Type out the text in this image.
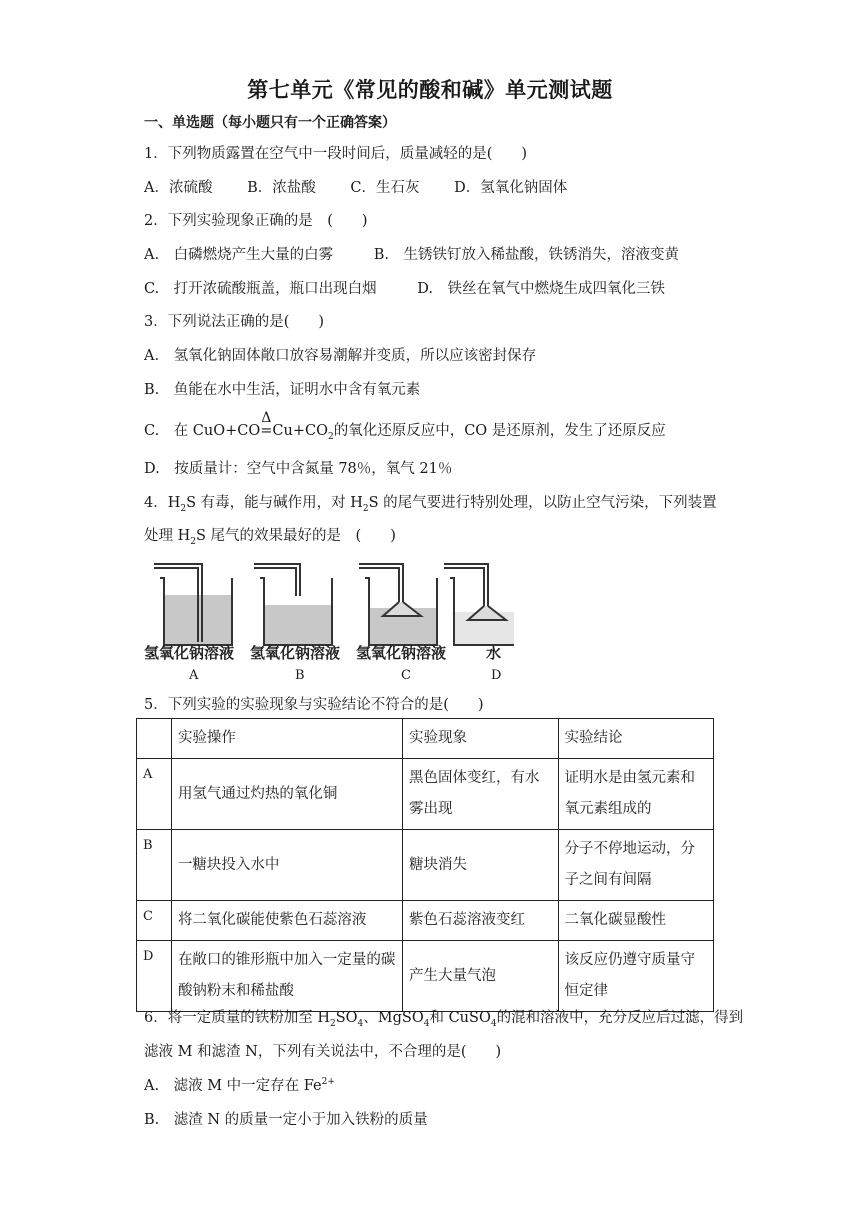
第七单元《常见的酸和碱》单元测试题
一、单选题（每小题只有一个正确答案）
1．下列物质露置在空气中一段时间后，质量减轻的是(　　)
A．浓硫酸 B．浓盐酸 C．生石灰 D．氢氧化钠固体
2．下列实验现象正确的是　(　　)
A.　白磷燃烧产生大量的白雾	B.　生锈铁钉放入稀盐酸，铁锈消失，溶液变黄
C.　打开浓硫酸瓶盖，瓶口出现白烟	D.　铁丝在氧气中燃烧生成四氧化三铁
3．下列说法正确的是(　　)
A.　氢氧化钠固体敞口放容易潮解并变质，所以应该密封保存
B.　鱼能在水中生活，证明水中含有氧元素
C.　在 CuO+CO
Δ
$=Cu+CO_2$的氧化还原反应中，CO 是还原剂，发生了还原反应
D.　按质量计：空气中含氮量 78％，氧气 21％
4．$H_2S$ 有毒，能与碱作用，对 $H_2S$ 的尾气要进行特别处理，以防止空气污染，下列装置
处理 $H_2S$ 尾气的效果最好的是　(　　)
氢氧化钠溶液 氢氧化钠溶液 氢氧化钠溶液	水
A	B	C	D
5．下列实验的实验现象与实验结论不符合的是(　　)
	实验操作	实验现象	实验结论
A	用氢气通过灼热的氧化铜	黑色固体变红，有水雾出现	证明水是由氢元素和氧元素组成的
B	一糖块投入水中	糖块消失	分子不停地运动，分子之间有间隔
C	将二氧化碳能使紫色石蕊溶液	紫色石蕊溶液变红	二氧化碳显酸性
D	在敞口的锥形瓶中加入一定量的碳酸钠粉末和稀盐酸	产生大量气泡	该反应仍遵守质量守恒定律
6．将一定质量的铁粉加至 $H_2SO_4$、MgSO$_4$和 CuSO$_4$的混和溶液中，充分反应后过滤，得到
滤液 M 和滤渣 N，下列有关说法中，不合理的是(　　)
A.　滤液 M 中一定存在 $Fe^{2+}$
B.　滤渣 N 的质量一定小于加入铁粉的质量
